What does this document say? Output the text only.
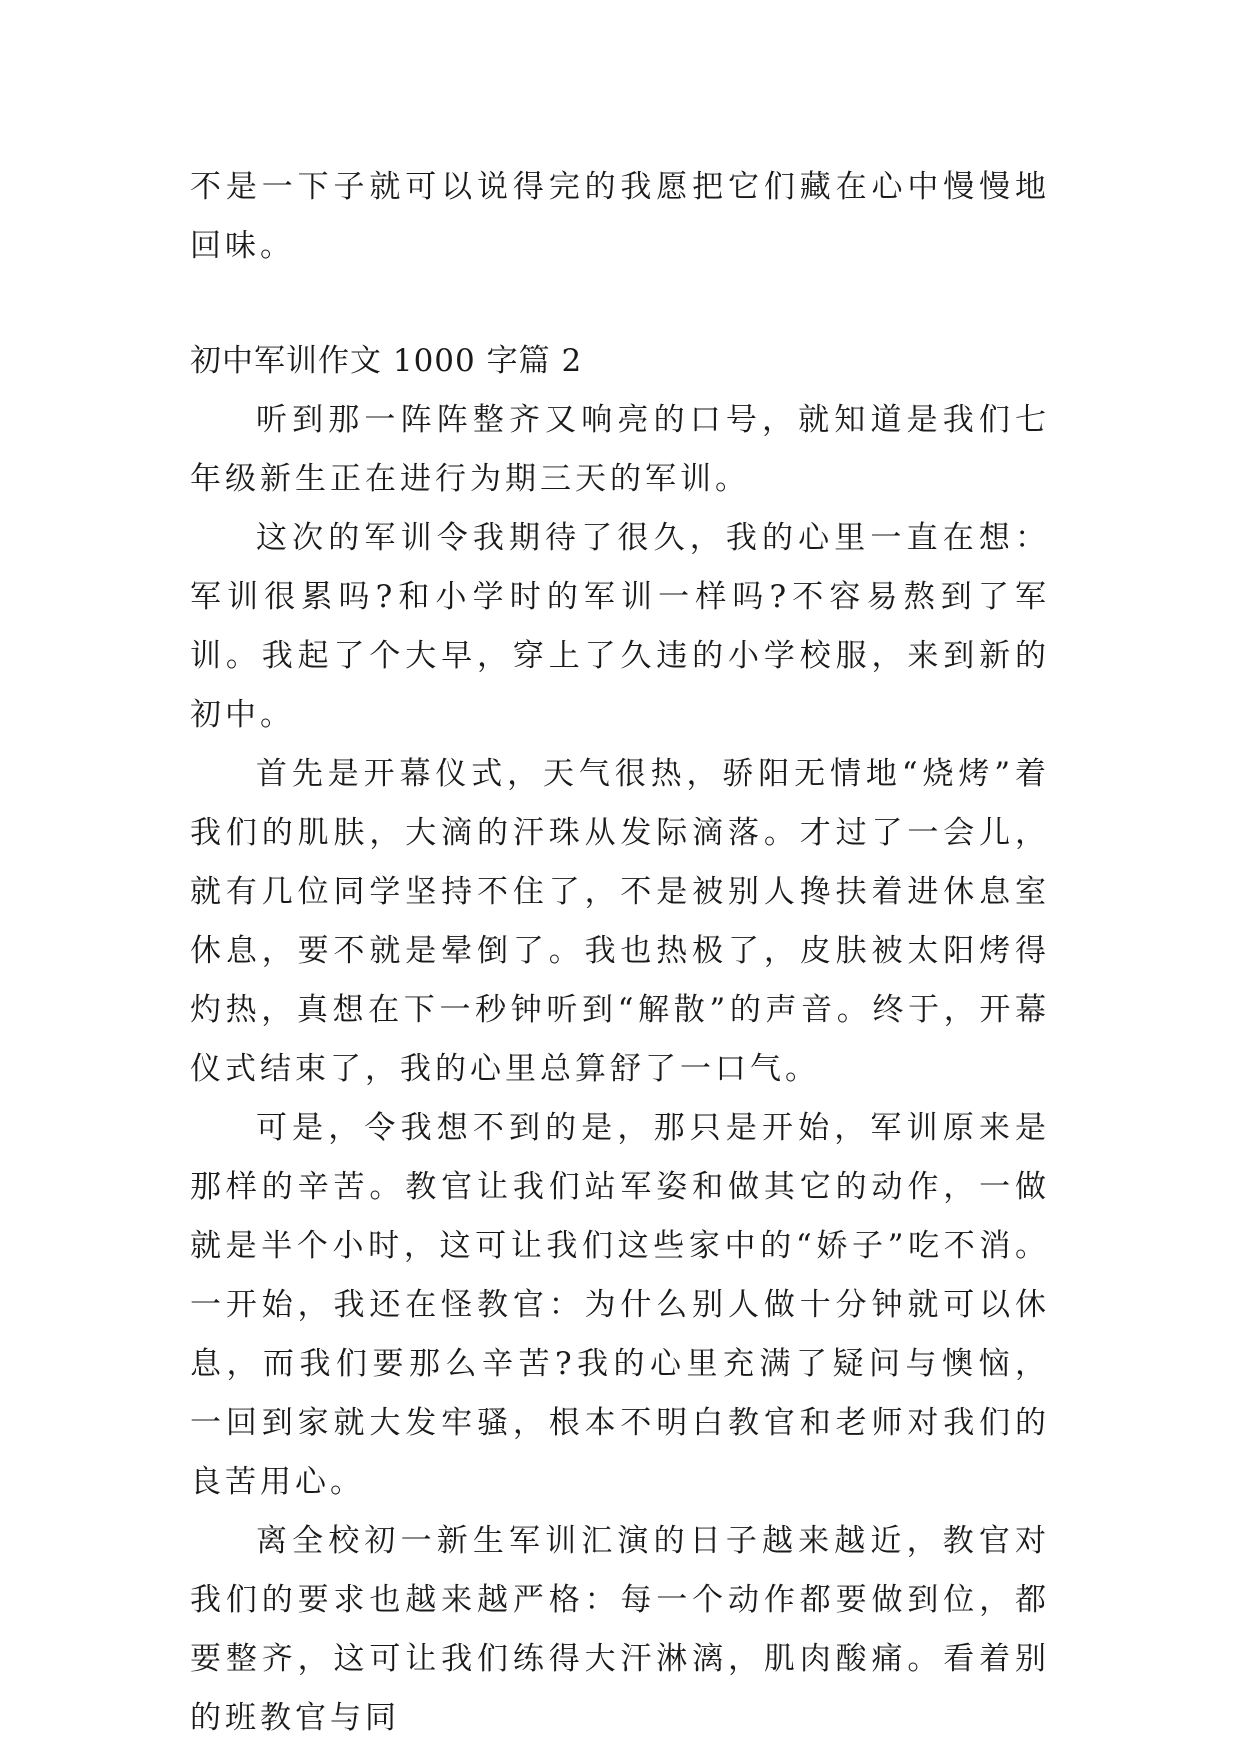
不是一下子就可以说得完的我愿把它们藏在心中慢慢地回味。

初中军训作文 1000 字篇 2

听到那一阵阵整齐又响亮的口号，就知道是我们七年级新生正在进行为期三天的军训。

这次的军训令我期待了很久，我的心里一直在想：军训很累吗?和小学时的军训一样吗?不容易熬到了军训。我起了个大早，穿上了久违的小学校服，来到新的初中。

首先是开幕仪式，天气很热，骄阳无情地“烧烤”着我们的肌肤，大滴的汗珠从发际滴落。才过了一会儿，就有几位同学坚持不住了，不是被别人搀扶着进休息室休息，要不就是晕倒了。我也热极了，皮肤被太阳烤得灼热，真想在下一秒钟听到“解散”的声音。终于，开幕仪式结束了，我的心里总算舒了一口气。

可是，令我想不到的是，那只是开始，军训原来是那样的辛苦。教官让我们站军姿和做其它的动作，一做就是半个小时，这可让我们这些家中的“娇子”吃不消。一开始，我还在怪教官：为什么别人做十分钟就可以休息，而我们要那么辛苦?我的心里充满了疑问与懊恼，一回到家就大发牢骚，根本不明白教官和老师对我们的良苦用心。

离全校初一新生军训汇演的日子越来越近，教官对我们的要求也越来越严格：每一个动作都要做到位，都要整齐，这可让我们练得大汗淋漓，肌肉酸痛。看着别的班教官与同
